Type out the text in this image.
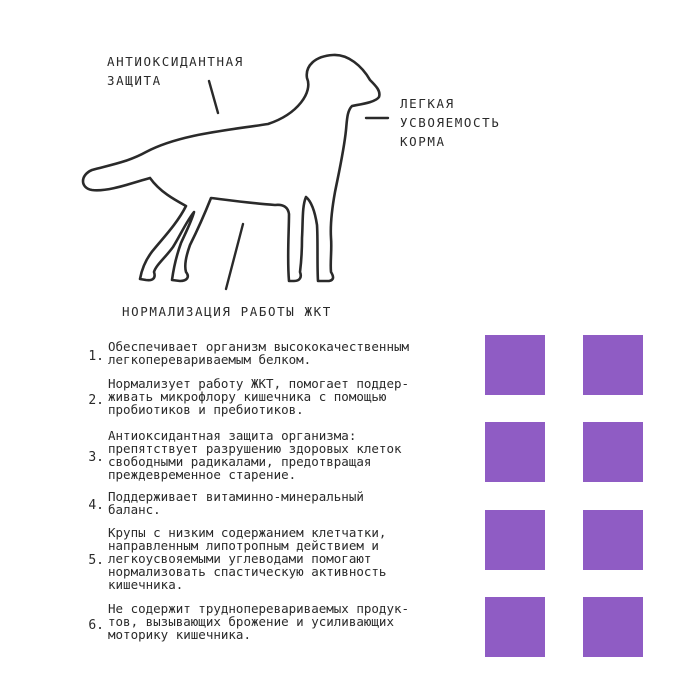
АНТИОКСИДАНТНАЯ
ЗАЩИТА
ЛЕГКАЯ
УСВОЯЕМОСТЬ
КОРМА
НОРМАЛИЗАЦИЯ РАБОТЫ ЖКТ
1.
Обеспечивает организм высококачественным
легкоперевариваемым белком.
2.
Нормализует работу ЖКТ, помогает поддер-
живать микрофлору кишечника с помощью
пробиотиков и пребиотиков.
3.
Антиоксидантная защита организма:
препятствует разрушению здоровых клеток
свободными радикалами, предотвращая
преждевременное старение.
4.
Поддерживает витаминно-минеральный
баланс.
5.
Крупы с низким содержанием клетчатки,
направленным липотропным действием и
легкоусвояемыми углеводами помогают
нормализовать спастическую активность
кишечника.
6.
Не содержит трудноперевариваемых продук-
тов, вызывающих брожение и усиливающих
моторику кишечника.
